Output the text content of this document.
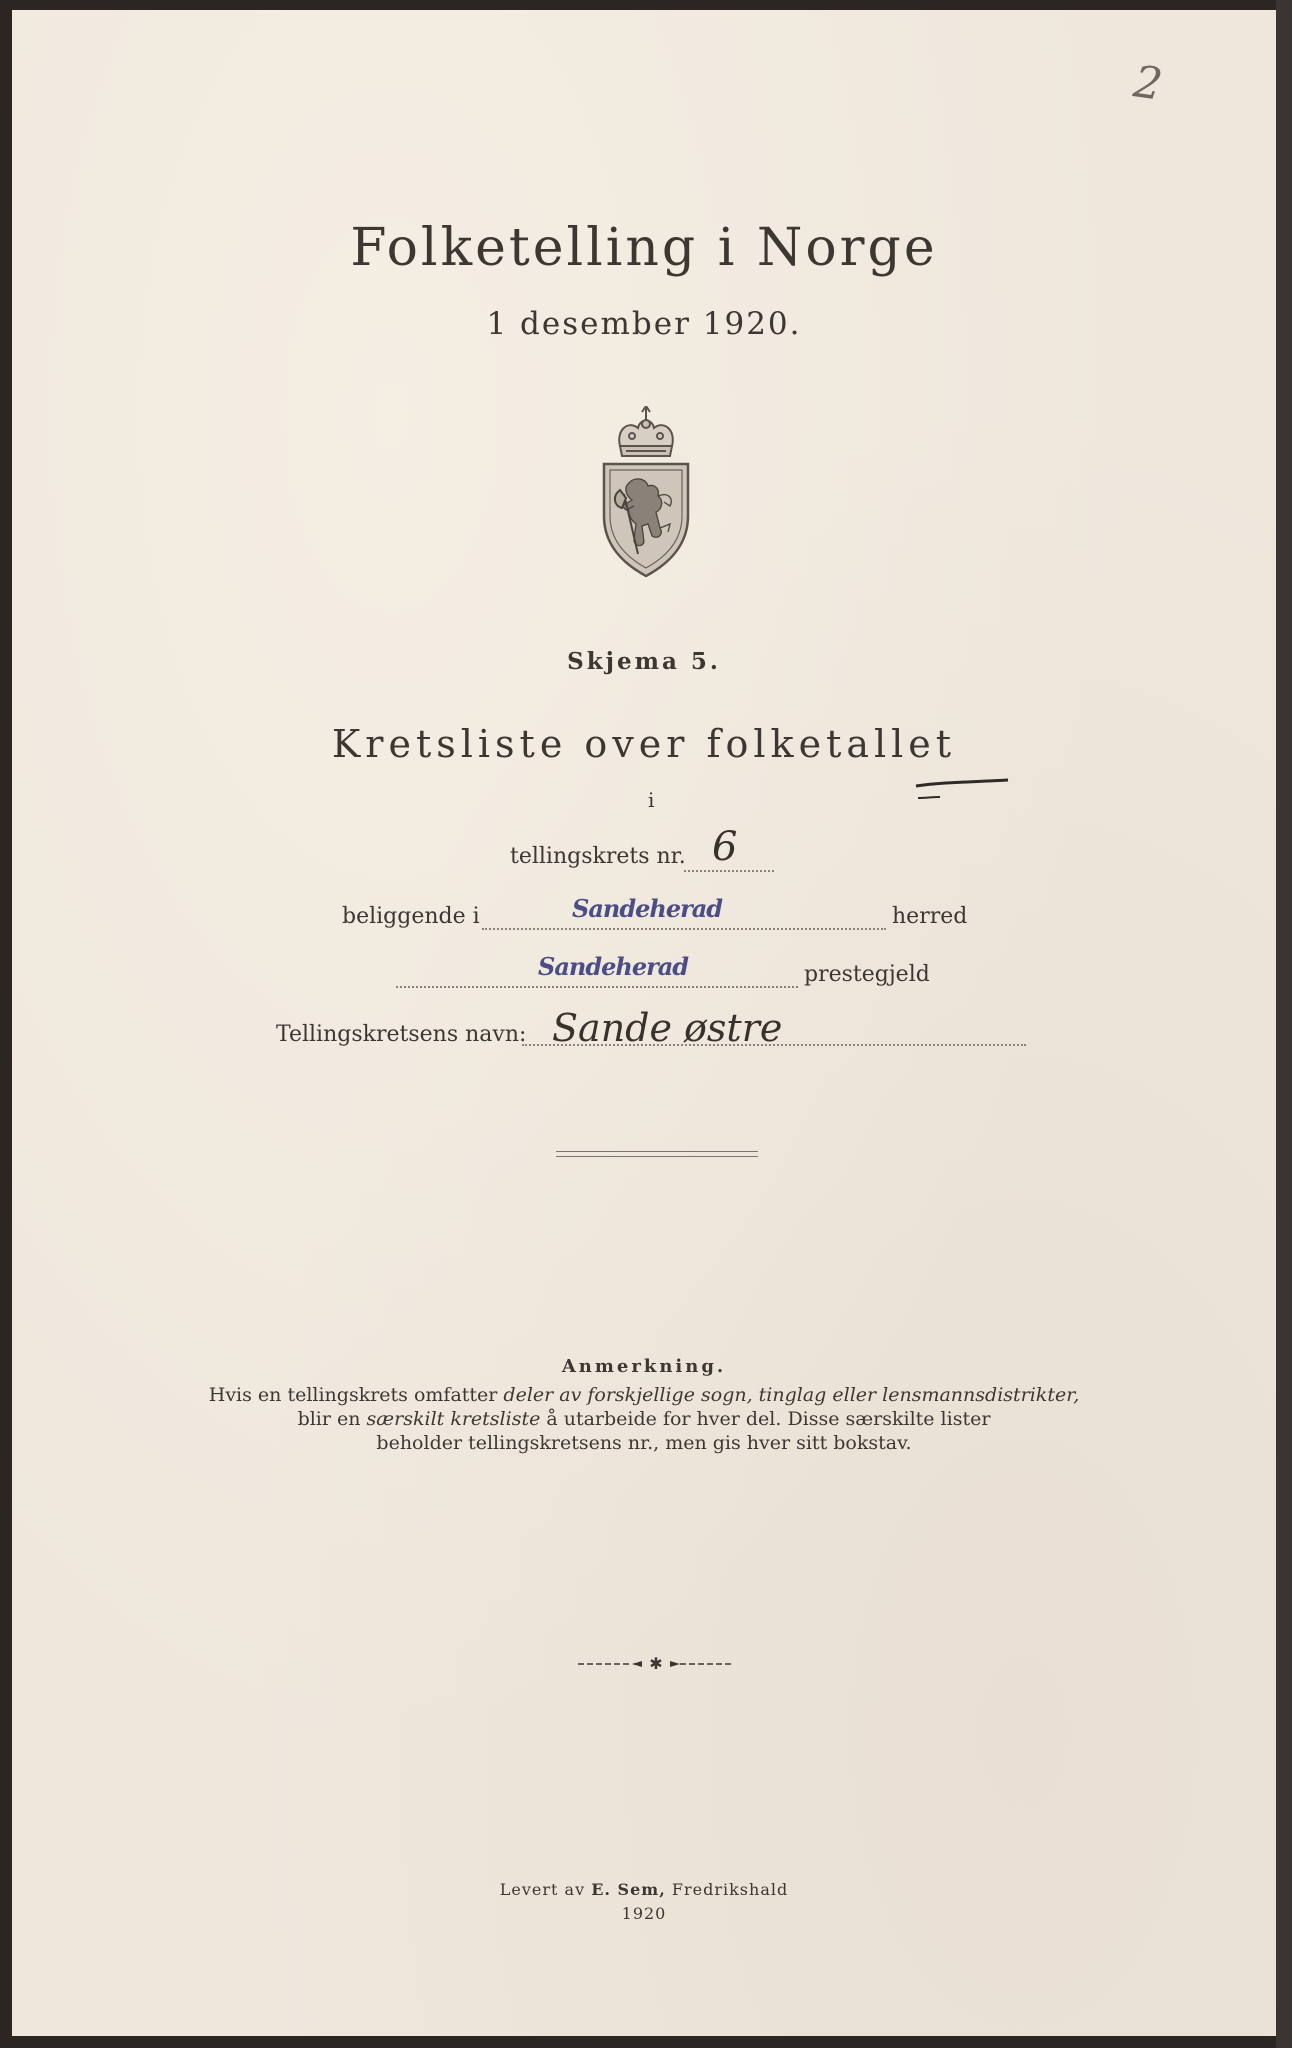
2
Folketelling i Norge
1 desember 1920.
Skjema 5.
Kretsliste over folketallet
i
tellingskrets nr. 6
beliggende i	Sandeherad	herred
Sandeherad	prestegjeld
Tellingskretsens navn: Sande østre
Anmerkning.
Hvis en tellingskrets omfatter deler av forskjellige sogn, tinglag eller lensmannsdistrikter,
blir en særskilt kretsliste å utarbeide for hver del. Disse særskilte lister
beholder tellingskretsens nr., men gis hver sitt bokstav.
✱
Levert av E. Sem, Fredrikshald
1920
